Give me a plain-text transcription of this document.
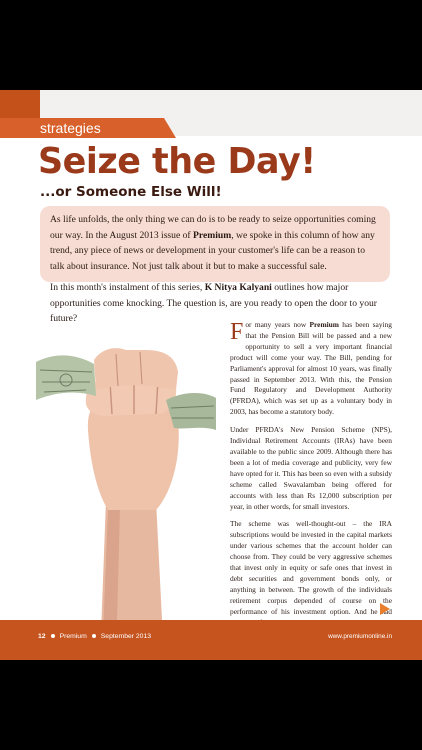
strategies
Seize the Day!
...or Someone Else Will!

As life unfolds, the only thing we can do is to be ready to seize opportunities coming our way. In the August 2013 issue of Premium, we spoke in this column of how any trend, any piece of news or development in your customer's life can be a reason to talk about insurance. Not just talk about it but to make a successful sale.

In this month's instalment of this series, K Nitya Kalyani outlines how major opportunities come knocking. The question is, are you ready to open the door to your future?

For many years now Premium has been saying that the Pension Bill will be passed and a new opportunity to sell a very important financial product will come your way. The Bill, pending for Parliament's approval for almost 10 years, was finally passed in September 2013. With this, the Pension Fund Regulatory and Development Authority (PFRDA), which was set up as a voluntary body in 2003, has become a statutory body.

Under PFRDA's New Pension Scheme (NPS), Individual Retirement Accounts (IRAs) have been available to the public since 2009. Although there has been a lot of media coverage and publicity, very few have opted for it. This has been so even with a subsidy scheme called Swavalamban being offered for accounts with less than Rs 12,000 subscription per year, in other words, for small investors.

The scheme was well-thought-out – the IRA subscriptions would be invested in the capital markets under various schemes that the account holder can choose from. They could be very aggressive schemes that invest only in equity or safe ones that invest in debt securities and government bonds only, or anything in between. The growth of the individuals retirement corpus depended of course on the performance of his investment option. And he had

12 Premium September 2013	www.premiumonline.in
